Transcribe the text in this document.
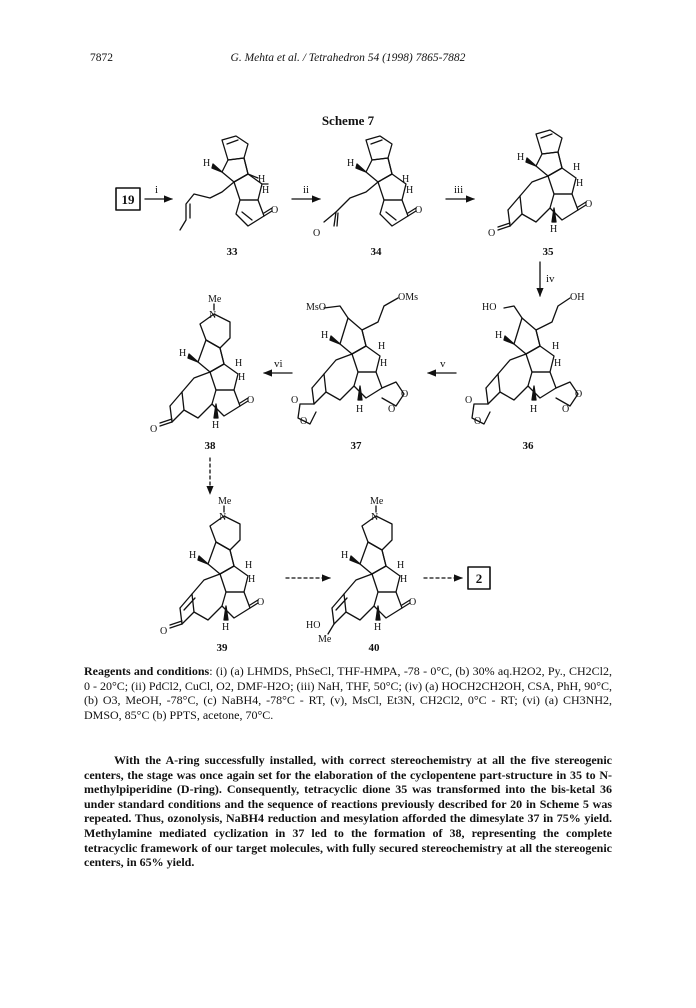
7872	G. Mehta et al. / Tetrahedron 54 (1998) 7865-7882
Scheme 7
19
i
H H H O
33
ii
H H H O O
34
iii
H H H O O	H
35
iv
Me N H H H O O	H
38
vi
MsO OMs H H H O O O O H
37
v
HO OH H H H O O O O H
36
Me N H H H O O	H
39
Me N H H H O HO Me H
40
2
Reagents and conditions: (i) (a) LHMDS, PhSeCl, THF-HMPA, -78 - 0°C, (b) 30% aq.H2O2, Py., CH2Cl2, 0 - 20°C; (ii) PdCl2, CuCl, O2, DMF-H2O; (iii) NaH, THF, 50°C; (iv) (a) HOCH2CH2OH, CSA, PhH, 90°C, (b) O3, MeOH, -78°C, (c) NaBH4, -78°C - RT, (v), MsCl, Et3N, CH2Cl2, 0°C - RT; (vi) (a) CH3NH2, DMSO, 85°C (b) PPTS, acetone, 70°C.
With the A-ring successfully installed, with correct stereochemistry at all the five stereogenic centers, the stage was once again set for the elaboration of the cyclopentene part-structure in 35 to N-methylpiperidine (D-ring). Consequently, tetracyclic dione 35 was transformed into the bis-ketal 36 under standard conditions and the sequence of reactions previously described for 20 in Scheme 5 was repeated. Thus, ozonolysis, NaBH4 reduction and mesylation afforded the dimesylate 37 in 75% yield. Methylamine mediated cyclization in 37 led to the formation of 38, representing the complete tetracyclic framework of our target molecules, with fully secured stereochemistry at all the stereogenic centers, in 65% yield.
